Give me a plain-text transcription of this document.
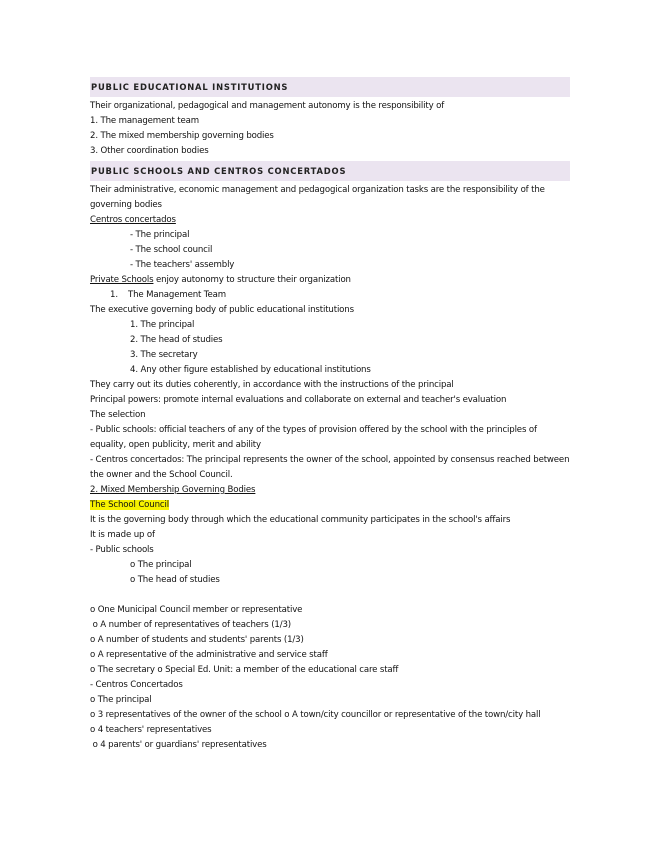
PUBLIC EDUCATIONAL INSTITUTIONS
Their organizational, pedagogical and management autonomy is the responsibility of
1. The management team
2. The mixed membership governing bodies
3. Other coordination bodies
PUBLIC SCHOOLS AND CENTROS CONCERTADOS
Their administrative, economic management and pedagogical organization tasks are the responsibility of the governing bodies
Centros concertados
- The principal
- The school council
- The teachers' assembly
Private Schools enjoy autonomy to structure their organization
1. The Management Team
The executive governing body of public educational institutions
1. The principal
2. The head of studies
3. The secretary
4. Any other figure established by educational institutions
They carry out its duties coherently, in accordance with the instructions of the principal
Principal powers: promote internal evaluations and collaborate on external and teacher's evaluation
The selection
- Public schools: official teachers of any of the types of provision offered by the school with the principles of equality, open publicity, merit and ability
- Centros concertados: The principal represents the owner of the school, appointed by consensus reached between the owner and the School Council.
2. Mixed Membership Governing Bodies
The School Council
It is the governing body through which the educational community participates in the school's affairs
It is made up of
- Public schools
o The principal
o The head of studies
o One Municipal Council member or representative
o A number of representatives of teachers (1/3)
o A number of students and students' parents (1/3)
o A representative of the administrative and service staff
o The secretary o Special Ed. Unit: a member of the educational care staff
- Centros Concertados
o The principal
o 3 representatives of the owner of the school o A town/city councillor or representative of the town/city hall
o 4 teachers' representatives
o 4 parents' or guardians' representatives
